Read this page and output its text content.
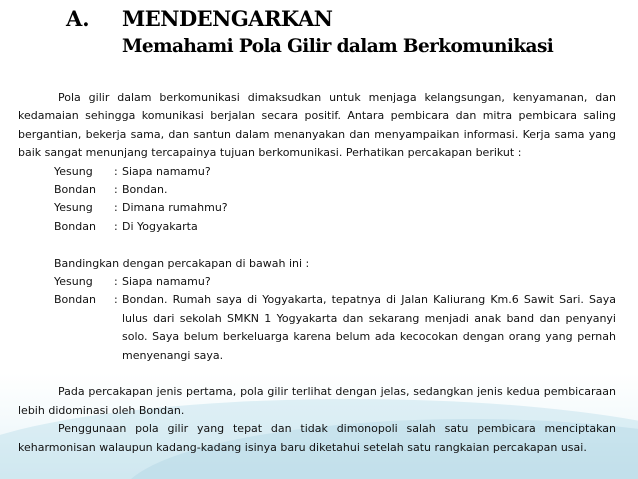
A. MENDENGARKAN
Memahami Pola Gilir dalam Berkomunikasi

Pola gilir dalam berkomunikasi dimaksudkan untuk menjaga kelangsungan, kenyamanan, dan kedamaian sehingga komunikasi berjalan secara positif. Antara pembicara dan mitra pembicara saling bergantian, bekerja sama, dan santun dalam menanyakan dan menyampaikan informasi. Kerja sama yang baik sangat menunjang tercapainya tujuan berkomunikasi. Perhatikan percakapan berikut :

Yesung	: Siapa namamu?
Bondan	: Bondan.
Yesung	: Dimana rumahmu?
Bondan	: Di Yogyakarta
Bandingkan dengan percakapan di bawah ini :
Yesung	: Siapa namamu?
Bondan	: Bondan. Rumah saya di Yogyakarta, tepatnya di Jalan Kaliurang Km.6 Sawit Sari. Saya lulus dari sekolah SMKN 1 Yogyakarta dan sekarang menjadi anak band dan penyanyi solo. Saya belum berkeluarga karena belum ada kecocokan dengan orang yang pernah menyenangi saya.

Pada percakapan jenis pertama, pola gilir terlihat dengan jelas, sedangkan jenis kedua pembicaraan lebih didominasi oleh Bondan.

Penggunaan pola gilir yang tepat dan tidak dimonopoli salah satu pembicara menciptakan keharmonisan walaupun kadang-kadang isinya baru diketahui setelah satu rangkaian percakapan usai.
